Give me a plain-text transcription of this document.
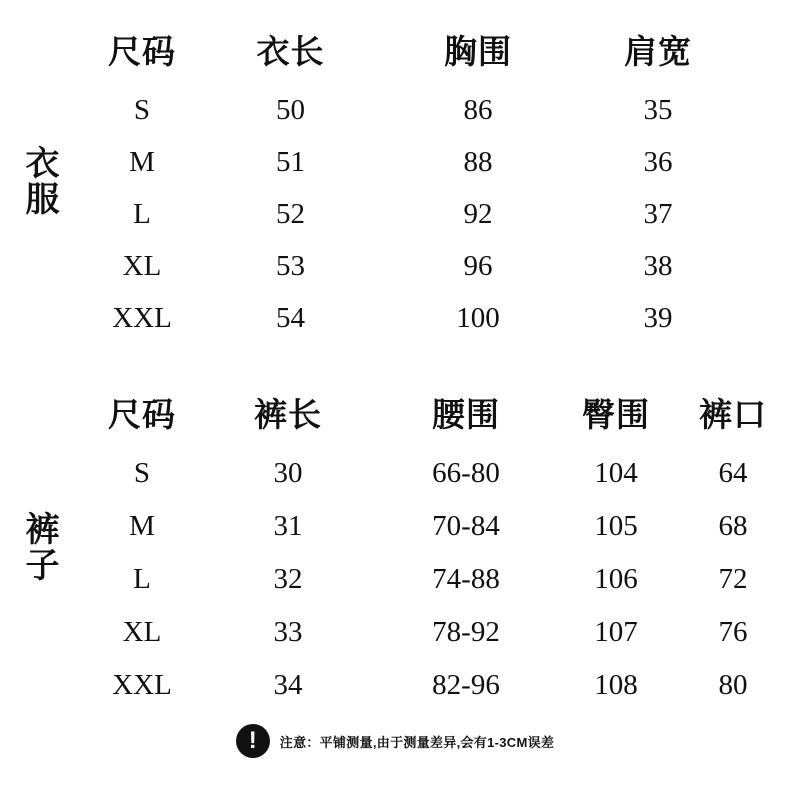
衣
服
尺码	衣长	胸围	肩宽
S	50	86	35
M	51	88	36
L	52	92	37
XL	53	96	38
XXL	54	100	39
裤
子
尺码	裤长	腰围	臀围	裤口
S	30	66-80	104	64
M	31	70-84	105	68
L	32	74-88	106	72
XL	33	78-92	107	76
XXL	34	82-96	108	80
!	注意：平铺测量,由于测量差异,会有1-3CM误差
